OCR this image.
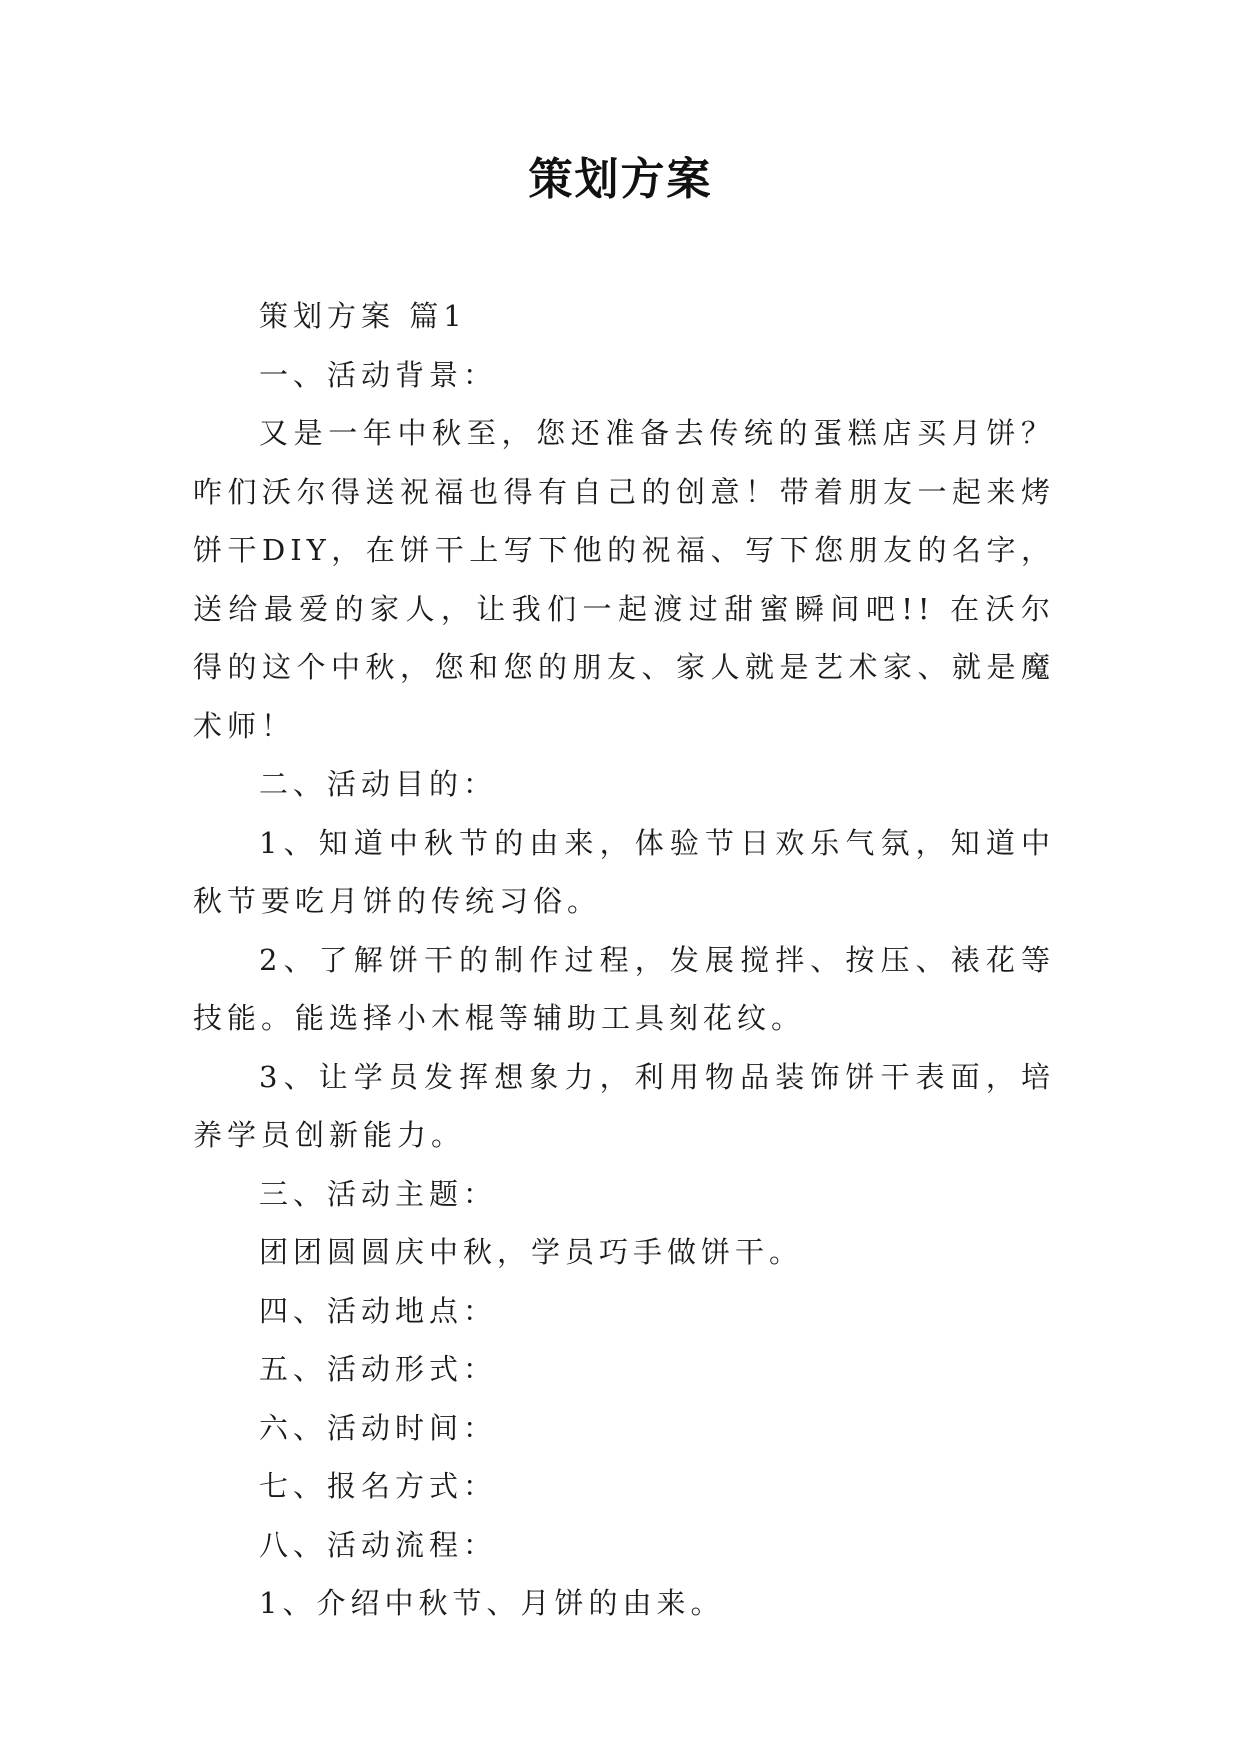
策划方案

策划方案 篇1

一、活动背景：

又是一年中秋至，您还准备去传统的蛋糕店买月饼？咋们沃尔得送祝福也得有自己的创意！带着朋友一起来烤饼干DIY，在饼干上写下他的祝福、写下您朋友的名字，送给最爱的家人，让我们一起渡过甜蜜瞬间吧!! 在沃尔得的这个中秋，您和您的朋友、家人就是艺术家、就是魔术师！

二、活动目的：

1、知道中秋节的由来，体验节日欢乐气氛，知道中秋节要吃月饼的传统习俗。

2、了解饼干的制作过程，发展搅拌、按压、裱花等技能。能选择小木棍等辅助工具刻花纹。

3、让学员发挥想象力，利用物品装饰饼干表面，培养学员创新能力。

三、活动主题：

团团圆圆庆中秋，学员巧手做饼干。

四、活动地点：

五、活动形式：

六、活动时间：

七、报名方式：

八、活动流程：

1、介绍中秋节、月饼的由来。
